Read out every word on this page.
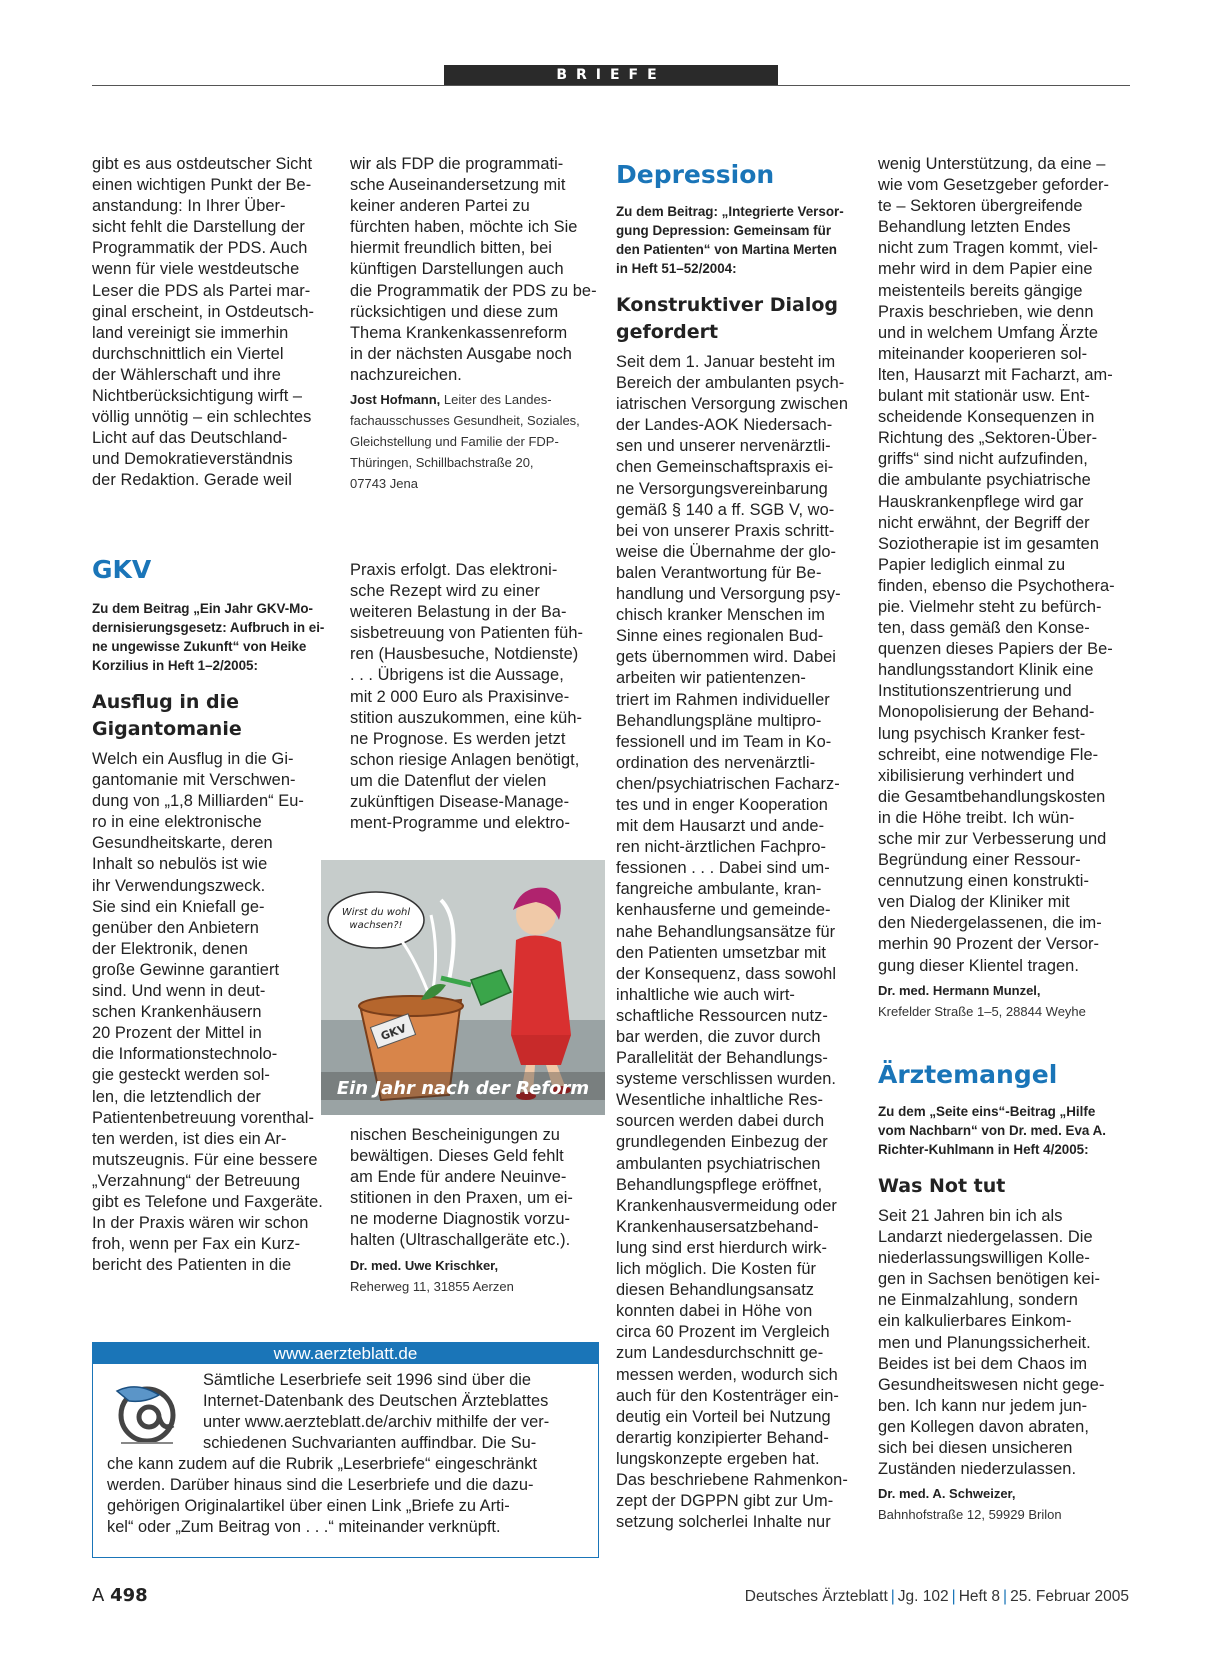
BRIEFE

gibt es aus ostdeutscher Sicht
einen wichtigen Punkt der Be-
anstandung: In Ihrer Über-
sicht fehlt die Darstellung der
Programmatik der PDS. Auch
wenn für viele westdeutsche
Leser die PDS als Partei mar-
ginal erscheint, in Ostdeutsch-
land vereinigt sie immerhin
durchschnittlich ein Viertel
der Wählerschaft und ihre
Nichtberücksichtigung wirft –
völlig unnötig – ein schlechtes
Licht auf das Deutschland-
und Demokratieverständnis
der Redaktion. Gerade weil

wir als FDP die programmati-
sche Auseinandersetzung mit
keiner anderen Partei zu
fürchten haben, möchte ich Sie
hiermit freundlich bitten, bei
künftigen Darstellungen auch
die Programmatik der PDS zu be-
rücksichtigen und diese zum
Thema Krankenkassenreform
in der nächsten Ausgabe noch
nachzureichen.

Jost Hofmann, Leiter des Landes-
fachausschusses Gesundheit, Soziales,
Gleichstellung und Familie der FDP-
Thüringen, Schillbachstraße 20,
07743 Jena

GKV

Zu dem Beitrag „Ein Jahr GKV-Mo-
dernisierungsgesetz: Aufbruch in ei-
ne ungewisse Zukunft“ von Heike
Korzilius in Heft 1–2/2005:

Ausflug in die
Gigantomanie

Welch ein Ausflug in die Gi-
gantomanie mit Verschwen-
dung von „1,8 Milliarden“ Eu-
ro in eine elektronische
Gesundheitskarte, deren
Inhalt so nebulös ist wie
ihr Verwendungszweck.
Sie sind ein Kniefall ge-
genüber den Anbietern
der Elektronik, denen
große Gewinne garantiert
sind. Und wenn in deut-
schen Krankenhäusern
20 Prozent der Mittel in
die Informationstechnolo-
gie gesteckt werden sol-
len, die letztendlich der
Patientenbetreuung vorenthal-
ten werden, ist dies ein Ar-
mutszeugnis. Für eine bessere
„Verzahnung“ der Betreuung
gibt es Telefone und Faxgeräte.
In der Praxis wären wir schon
froh, wenn per Fax ein Kurz-
bericht des Patienten in die

Praxis erfolgt. Das elektroni-
sche Rezept wird zu einer
weiteren Belastung in der Ba-
sisbetreuung von Patienten füh-
ren (Hausbesuche, Notdienste)
. . . Übrigens ist die Aussage,
mit 2 000 Euro als Praxisinve-
stition auszukommen, eine küh-
ne Prognose. Es werden jetzt
schon riesige Anlagen benötigt,
um die Datenflut der vielen
zukünftigen Disease-Manage-
ment-Programme und elektro-

Wirst du wohl
wachsen?!
GKV
Ein Jahr nach der Reform

nischen Bescheinigungen zu
bewältigen. Dieses Geld fehlt
am Ende für andere Neuinve-
stitionen in den Praxen, um ei-
ne moderne Diagnostik vorzu-
halten (Ultraschallgeräte etc.).

Dr. med. Uwe Krischker,
Reherweg 11, 31855 Aerzen

www.aerzteblatt.de

Sämtliche Leserbriefe seit 1996 sind über die
Internet-Datenbank des Deutschen Ärzteblattes
unter www.aerzteblatt.de/archiv mithilfe der ver-
schiedenen Suchvarianten auffindbar. Die Su-

che kann zudem auf die Rubrik „Leserbriefe“ eingeschränkt
werden. Darüber hinaus sind die Leserbriefe und die dazu-
gehörigen Originalartikel über einen Link „Briefe zu Arti-
kel“ oder „Zum Beitrag von . . .“ miteinander verknüpft.

Depression

Zu dem Beitrag: „Integrierte Versor-
gung Depression: Gemeinsam für
den Patienten“ von Martina Merten
in Heft 51–52/2004:

Konstruktiver Dialog
gefordert

Seit dem 1. Januar besteht im
Bereich der ambulanten psych-
iatrischen Versorgung zwischen
der Landes-AOK Niedersach-
sen und unserer nervenärztli-
chen Gemeinschaftspraxis ei-
ne Versorgungsvereinbarung
gemäß § 140 a ff. SGB V, wo-
bei von unserer Praxis schritt-
weise die Übernahme der glo-
balen Verantwortung für Be-
handlung und Versorgung psy-
chisch kranker Menschen im
Sinne eines regionalen Bud-
gets übernommen wird. Dabei
arbeiten wir patientenzen-
triert im Rahmen individueller
Behandlungspläne multipro-
fessionell und im Team in Ko-
ordination des nervenärztli-
chen/psychiatrischen Facharz-
tes und in enger Kooperation
mit dem Hausarzt und ande-
ren nicht-ärztlichen Fachpro-
fessionen . . . Dabei sind um-
fangreiche ambulante, kran-
kenhausferne und gemeinde-
nahe Behandlungsansätze für
den Patienten umsetzbar mit
der Konsequenz, dass sowohl
inhaltliche wie auch wirt-
schaftliche Ressourcen nutz-
bar werden, die zuvor durch
Parallelität der Behandlungs-
systeme verschlissen wurden.
Wesentliche inhaltliche Res-
sourcen werden dabei durch
grundlegenden Einbezug der
ambulanten psychiatrischen
Behandlungspflege eröffnet,
Krankenhausvermeidung oder
Krankenhausersatzbehand-
lung sind erst hierdurch wirk-
lich möglich. Die Kosten für
diesen Behandlungsansatz
konnten dabei in Höhe von
circa 60 Prozent im Vergleich
zum Landesdurchschnitt ge-
messen werden, wodurch sich
auch für den Kostenträger ein-
deutig ein Vorteil bei Nutzung
derartig konzipierter Behand-
lungskonzepte ergeben hat.
Das beschriebene Rahmenkon-
zept der DGPPN gibt zur Um-
setzung solcherlei Inhalte nur

wenig Unterstützung, da eine –
wie vom Gesetzgeber geforder-
te – Sektoren übergreifende
Behandlung letzten Endes
nicht zum Tragen kommt, viel-
mehr wird in dem Papier eine
meistenteils bereits gängige
Praxis beschrieben, wie denn
und in welchem Umfang Ärzte
miteinander kooperieren sol-
lten, Hausarzt mit Facharzt, am-
bulant mit stationär usw. Ent-
scheidende Konsequenzen in
Richtung des „Sektoren-Über-
griffs“ sind nicht aufzufinden,
die ambulante psychiatrische
Hauskrankenpflege wird gar
nicht erwähnt, der Begriff der
Soziotherapie ist im gesamten
Papier lediglich einmal zu
finden, ebenso die Psychothera-
pie. Vielmehr steht zu befürch-
ten, dass gemäß den Konse-
quenzen dieses Papiers der Be-
handlungsstandort Klinik eine
Institutionszentrierung und
Monopolisierung der Behand-
lung psychisch Kranker fest-
schreibt, eine notwendige Fle-
xibilisierung verhindert und
die Gesamtbehandlungskosten
in die Höhe treibt. Ich wün-
sche mir zur Verbesserung und
Begründung einer Ressour-
cennutzung einen konstrukti-
ven Dialog der Kliniker mit
den Niedergelassenen, die im-
merhin 90 Prozent der Versor-
gung dieser Klientel tragen.

Dr. med. Hermann Munzel,
Krefelder Straße 1–5, 28844 Weyhe

Ärztemangel

Zu dem „Seite eins“-Beitrag „Hilfe
vom Nachbarn“ von Dr. med. Eva A.
Richter-Kuhlmann in Heft 4/2005:

Was Not tut

Seit 21 Jahren bin ich als
Landarzt niedergelassen. Die
niederlassungswilligen Kolle-
gen in Sachsen benötigen kei-
ne Einmalzahlung, sondern
ein kalkulierbares Einkom-
men und Planungssicherheit.
Beides ist bei dem Chaos im
Gesundheitswesen nicht gege-
ben. Ich kann nur jedem jun-
gen Kollegen davon abraten,
sich bei diesen unsicheren
Zuständen niederzulassen.

Dr. med. A. Schweizer,
Bahnhofstraße 12, 59929 Brilon

A 498	Deutsches Ärzteblatt | Jg. 102 | Heft 8 | 25. Februar 2005
